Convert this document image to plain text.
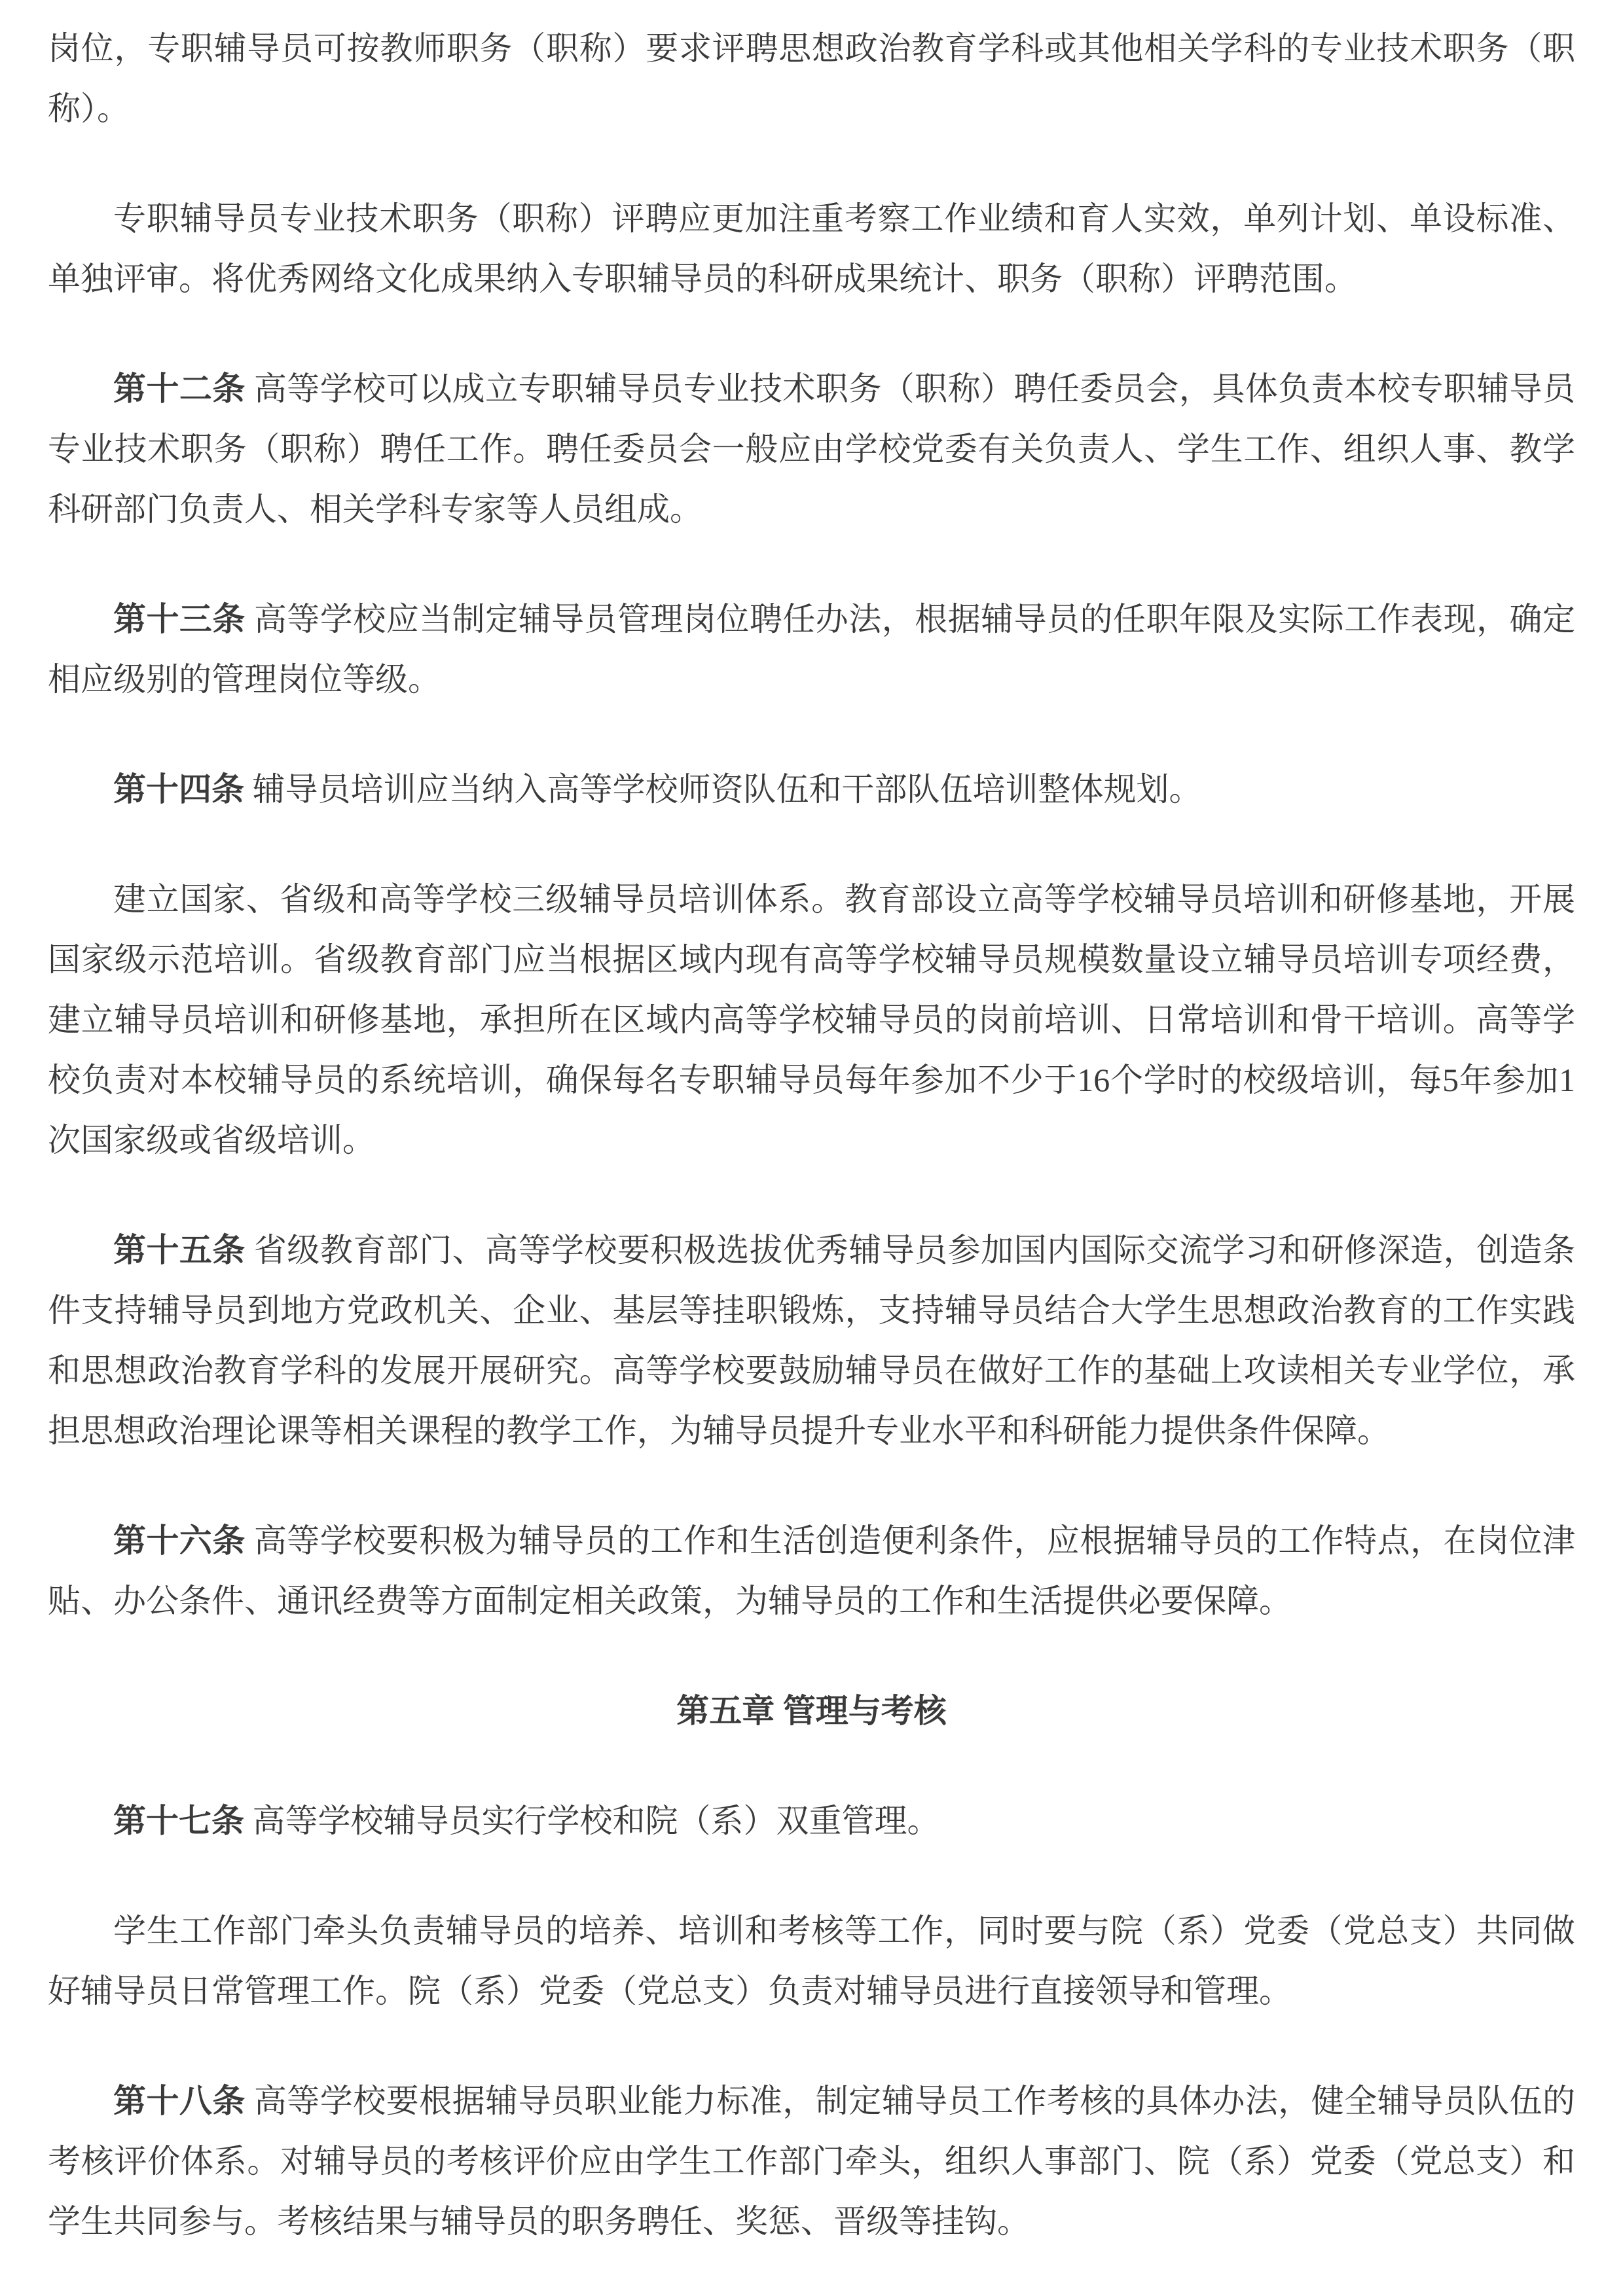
岗位，专职辅导员可按教师职务（职称）要求评聘思想政治教育学科或其他相关学科的专业技术职务（职称）。

专职辅导员专业技术职务（职称）评聘应更加注重考察工作业绩和育人实效，单列计划、单设标准、单独评审。将优秀网络文化成果纳入专职辅导员的科研成果统计、职务（职称）评聘范围。

第十二条 高等学校可以成立专职辅导员专业技术职务（职称）聘任委员会，具体负责本校专职辅导员专业技术职务（职称）聘任工作。聘任委员会一般应由学校党委有关负责人、学生工作、组织人事、教学科研部门负责人、相关学科专家等人员组成。

第十三条 高等学校应当制定辅导员管理岗位聘任办法，根据辅导员的任职年限及实际工作表现，确定相应级别的管理岗位等级。

第十四条 辅导员培训应当纳入高等学校师资队伍和干部队伍培训整体规划。

建立国家、省级和高等学校三级辅导员培训体系。教育部设立高等学校辅导员培训和研修基地，开展国家级示范培训。省级教育部门应当根据区域内现有高等学校辅导员规模数量设立辅导员培训专项经费，建立辅导员培训和研修基地，承担所在区域内高等学校辅导员的岗前培训、日常培训和骨干培训。高等学校负责对本校辅导员的系统培训，确保每名专职辅导员每年参加不少于16个学时的校级培训，每5年参加1次国家级或省级培训。

第十五条 省级教育部门、高等学校要积极选拔优秀辅导员参加国内国际交流学习和研修深造，创造条件支持辅导员到地方党政机关、企业、基层等挂职锻炼，支持辅导员结合大学生思想政治教育的工作实践和思想政治教育学科的发展开展研究。高等学校要鼓励辅导员在做好工作的基础上攻读相关专业学位，承担思想政治理论课等相关课程的教学工作，为辅导员提升专业水平和科研能力提供条件保障。

第十六条 高等学校要积极为辅导员的工作和生活创造便利条件，应根据辅导员的工作特点，在岗位津贴、办公条件、通讯经费等方面制定相关政策，为辅导员的工作和生活提供必要保障。

第五章 管理与考核

第十七条 高等学校辅导员实行学校和院（系）双重管理。

学生工作部门牵头负责辅导员的培养、培训和考核等工作，同时要与院（系）党委（党总支）共同做好辅导员日常管理工作。院（系）党委（党总支）负责对辅导员进行直接领导和管理。

第十八条 高等学校要根据辅导员职业能力标准，制定辅导员工作考核的具体办法，健全辅导员队伍的考核评价体系。对辅导员的考核评价应由学生工作部门牵头，组织人事部门、院（系）党委（党总支）和学生共同参与。考核结果与辅导员的职务聘任、奖惩、晋级等挂钩。
